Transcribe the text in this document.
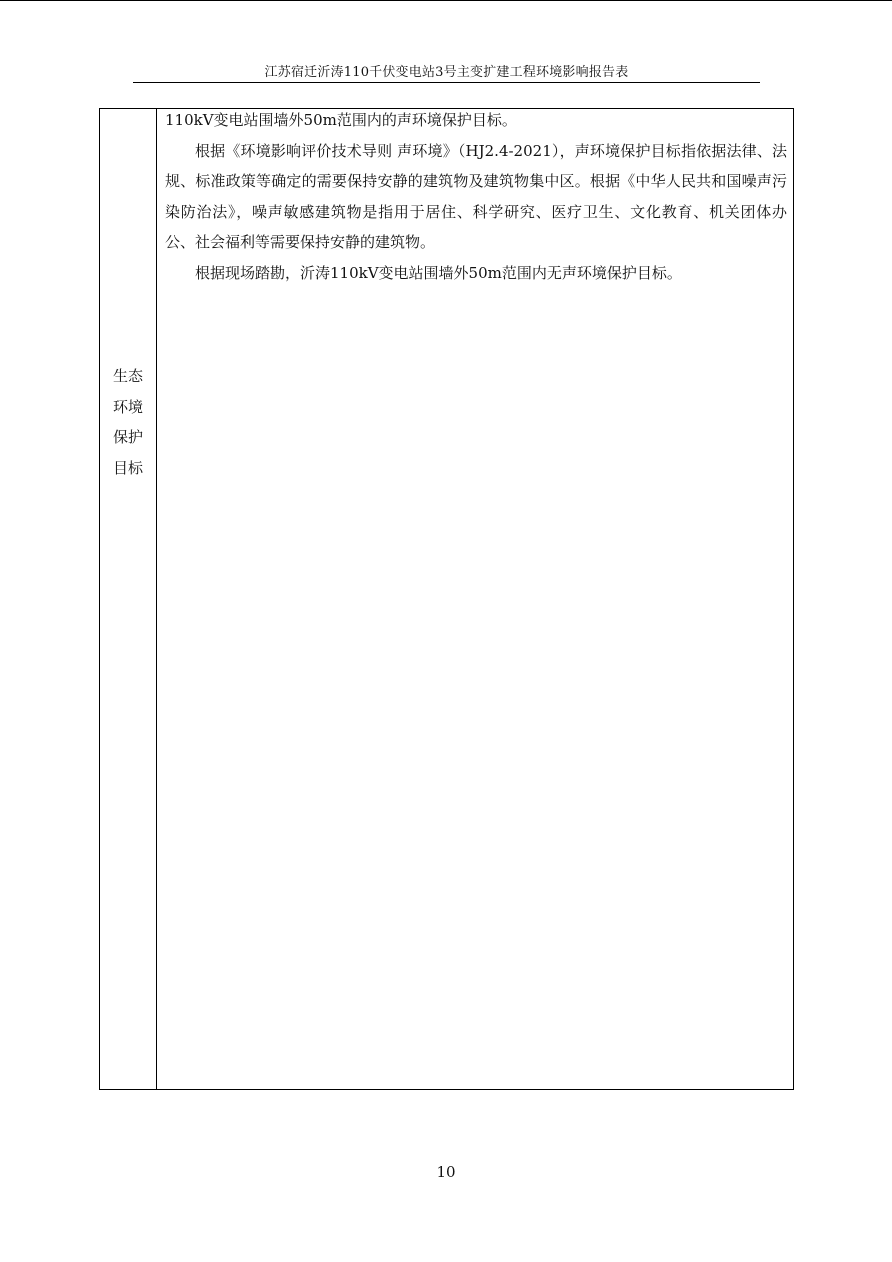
江苏宿迁沂涛110千伏变电站3号主变扩建工程环境影响报告表
生态环境保护目标

110kV变电站围墙外50m范围内的声环境保护目标。

根据《环境影响评价技术导则 声环境》（HJ2.4-2021），声环境保护目标指依据法律、法规、标准政策等确定的需要保持安静的建筑物及建筑物集中区。根据《中华人民共和国噪声污染防治法》，噪声敏感建筑物是指用于居住、科学研究、医疗卫生、文化教育、机关团体办公、社会福利等需要保持安静的建筑物。

根据现场踏勘，沂涛110kV变电站围墙外50m范围内无声环境保护目标。

10
